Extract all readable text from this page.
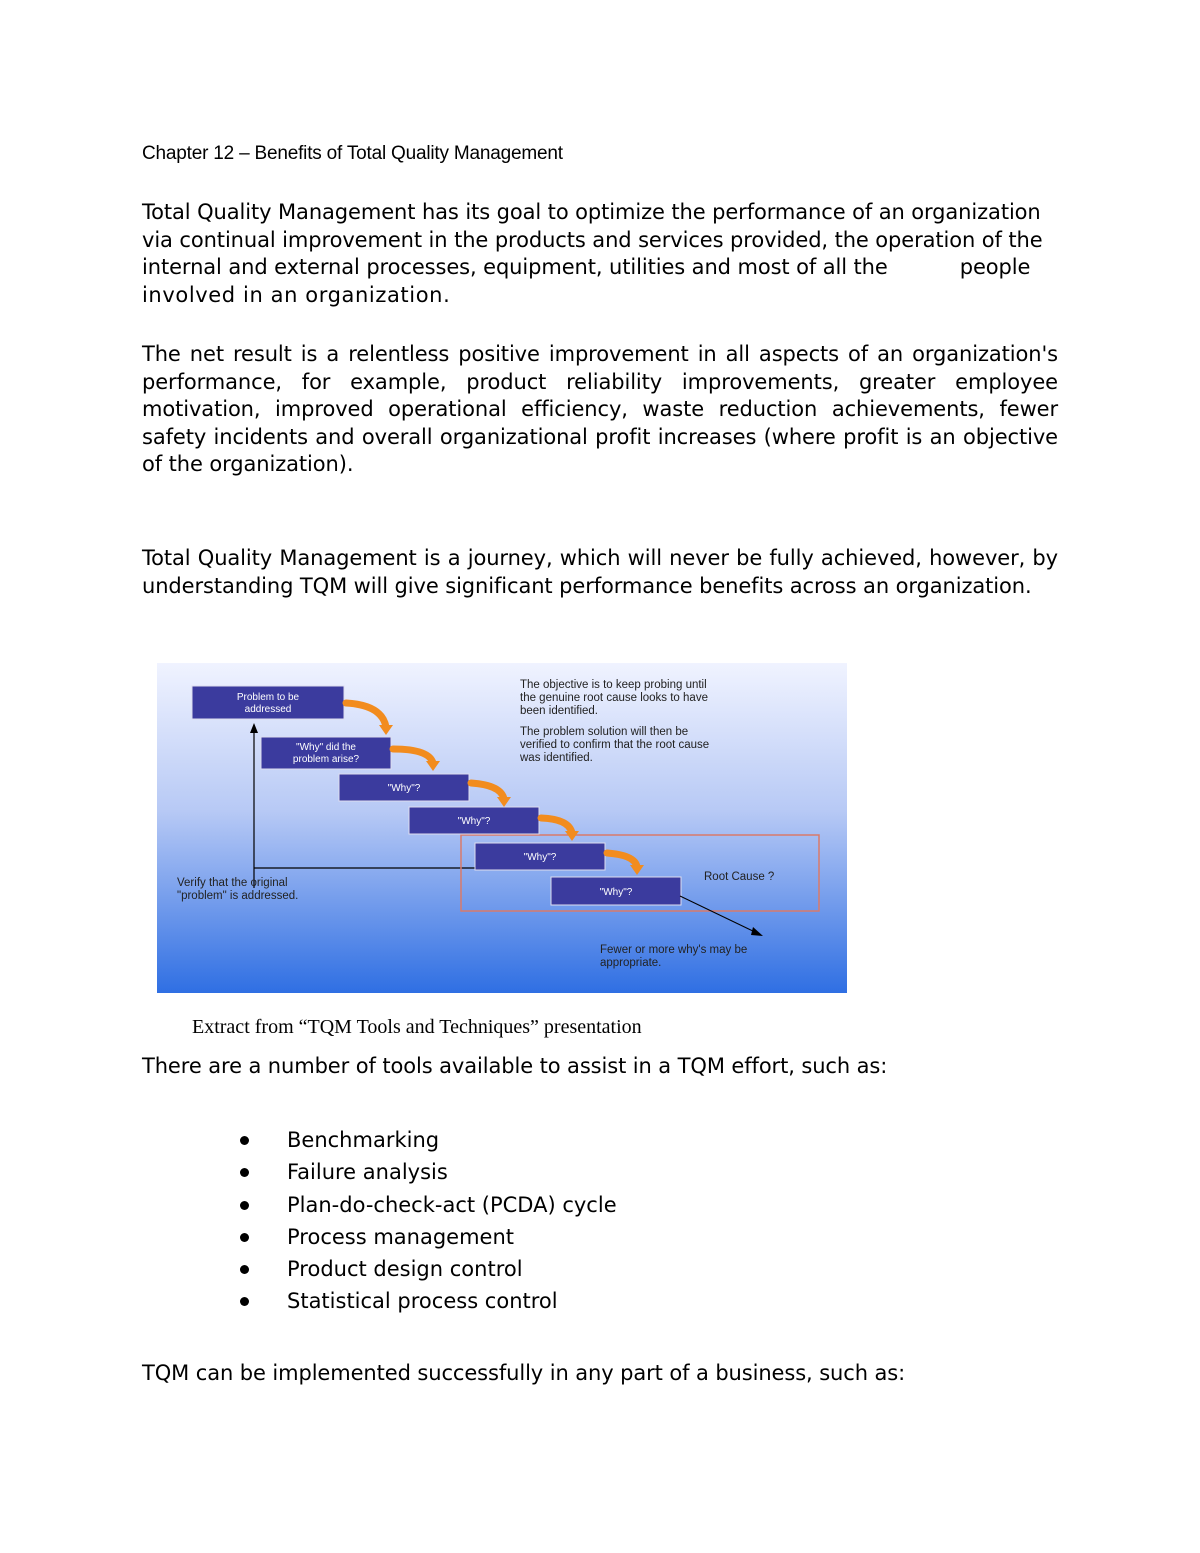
Chapter 12 – Benefits of Total Quality Management

Total Quality Management has its goal to optimize the performance of an organization via continual improvement in the products and services provided, the operation of the internal and external processes, equipment, utilities and most of all the	people involved in an organization.

The net result is a relentless positive improvement in all aspects of an organization's performance, for example, product reliability improvements, greater employee motivation, improved operational efficiency, waste reduction achievements, fewer safety incidents and overall organizational profit increases (where profit is an objective of the organization).

Total Quality Management is a journey, which will never be fully achieved, however, by understanding TQM will give significant performance benefits across an organization.

Problem to be
addressed
"Why" did the
problem arise?
"Why"?
"Why"?
"Why"?
"Why"?
The objective is to keep probing until
the genuine root cause looks to have
been identified.
The problem solution will then be
verified to confirm that the root cause
was identified.
Root Cause ?
Verify that the original
"problem" is addressed.
Fewer or more why's may be
appropriate.

Extract from “TQM Tools and Techniques” presentation

There are a number of tools available to assist in a TQM effort, such as:

Benchmarking
Failure analysis
Plan-do-check-act (PCDA) cycle
Process management
Product design control
Statistical process control

TQM can be implemented successfully in any part of a business, such as:
